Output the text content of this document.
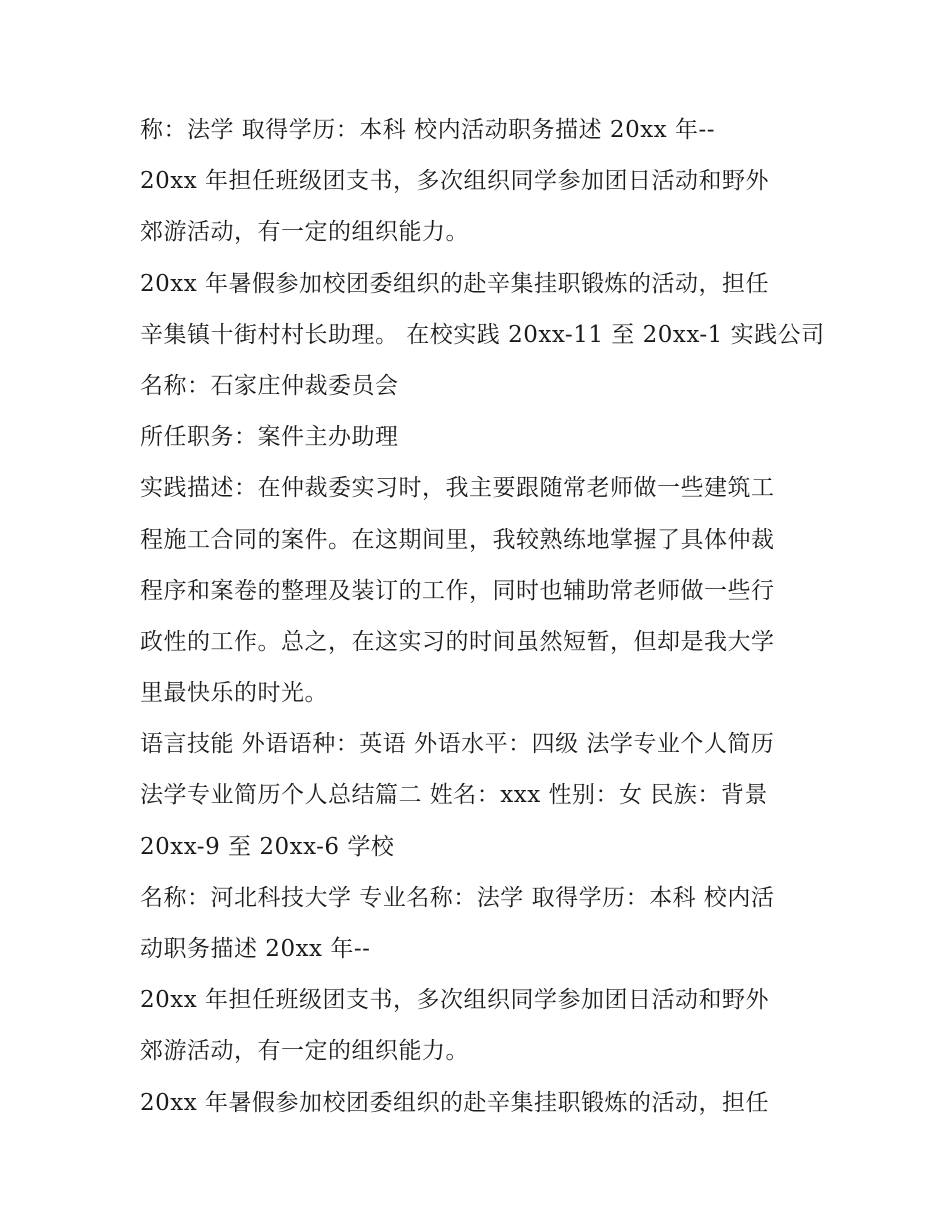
称：法学 取得学历：本科 校内活动职务描述 20xx 年--
20xx 年担任班级团支书，多次组织同学参加团日活动和野外
郊游活动，有一定的组织能力。
20xx 年暑假参加校团委组织的赴辛集挂职锻炼的活动，担任
辛集镇十街村村长助理。 在校实践 20xx-11 至 20xx-1 实践公司
名称：石家庄仲裁委员会
所任职务：案件主办助理
实践描述：在仲裁委实习时，我主要跟随常老师做一些建筑工
程施工合同的案件。在这期间里，我较熟练地掌握了具体仲裁
程序和案卷的整理及装订的工作，同时也辅助常老师做一些行
政性的工作。总之，在这实习的时间虽然短暂，但却是我大学
里最快乐的时光。
语言技能 外语语种：英语 外语水平：四级 法学专业个人简历
法学专业简历个人总结篇二 姓名：xxx 性别：女 民族：背景
20xx-9 至 20xx-6 学校
名称：河北科技大学 专业名称：法学 取得学历：本科 校内活
动职务描述 20xx 年--
20xx 年担任班级团支书，多次组织同学参加团日活动和野外
郊游活动，有一定的组织能力。
20xx 年暑假参加校团委组织的赴辛集挂职锻炼的活动，担任
